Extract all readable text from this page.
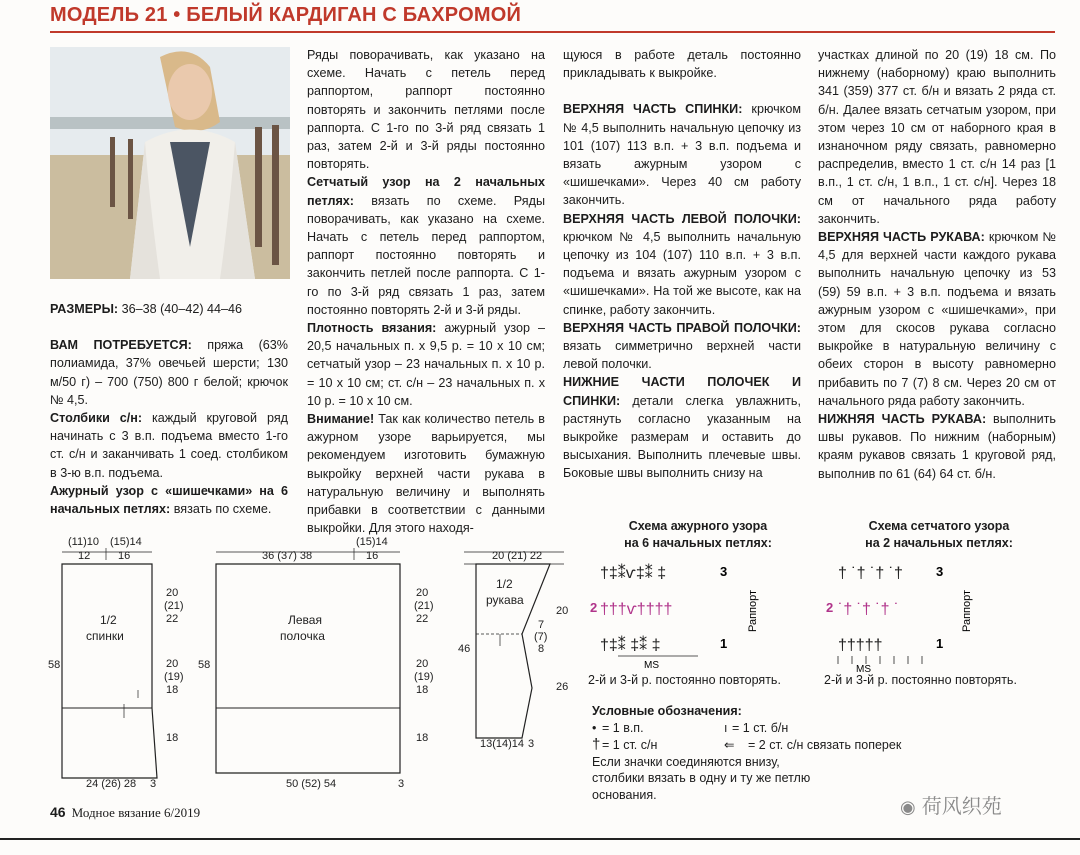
МОДЕЛЬ 21 • БЕЛЫЙ КАРДИГАН С БАХРОМОЙ

РАЗМЕРЫ: 36–38 (40–42) 44–46

ВАМ ПОТРЕБУЕТСЯ: пряжа (63% полиамида, 37% овечьей шерсти; 130 м/50 г) – 700 (750) 800 г белой; крючок № 4,5.

Столбики с/н: каждый круговой ряд начинать с 3 в.п. подъема вместо 1-го ст. с/н и заканчивать 1 соед. столбиком в 3-ю в.п. подъема.

Ажурный узор с «шишечками» на 6 начальных петлях: вязать по схеме.

Ряды поворачивать, как указано на схеме. Начать с петель перед раппортом, раппорт постоянно повторять и закончить петлями после раппорта. С 1-го по 3-й ряд связать 1 раз, затем 2-й и 3-й ряды постоянно повторять.

Сетчатый узор на 2 начальных петлях: вязать по схеме. Ряды поворачивать, как указано на схеме. Начать с петель перед раппортом, раппорт постоянно повторять и закончить петлей после раппорта. С 1-го по 3-й ряд связать 1 раз, затем постоянно повторять 2-й и 3-й ряды.

Плотность вязания: ажурный узор – 20,5 начальных п. х 9,5 р. = 10 х 10 см; сетчатый узор – 23 начальных п. х 10 р. = 10 х 10 см; ст. с/н – 23 начальных п. х 10 р. = 10 х 10 см.

Внимание! Так как количество петель в ажурном узоре варьируется, мы рекомендуем изготовить бумажную выкройку верхней части рукава в натуральную величину и выполнять прибавки в соответствии с данными выкройки. Для этого находя-

щуюся в работе деталь постоянно прикладывать к выкройке.

ВЕРХНЯЯ ЧАСТЬ СПИНКИ: крючком № 4,5 выполнить начальную цепочку из 101 (107) 113 в.п. + 3 в.п. подъема и вязать ажурным узором с «шишечками». Через 40 см работу закончить.

ВЕРХНЯЯ ЧАСТЬ ЛЕВОЙ ПОЛОЧКИ: крючком № 4,5 выполнить начальную цепочку из 104 (107) 110 в.п. + 3 в.п. подъема и вязать ажурным узором с «шишечками». На той же высоте, как на спинке, работу закончить.

ВЕРХНЯЯ ЧАСТЬ ПРАВОЙ ПОЛОЧКИ: вязать симметрично верхней части левой полочки.

НИЖНИЕ ЧАСТИ ПОЛОЧЕК И СПИНКИ: детали слегка увлажнить, растянуть согласно указанным на выкройке размерам и оставить до высыхания. Выполнить плечевые швы. Боковые швы выполнить снизу на

участках длиной по 20 (19) 18 см. По нижнему (наборному) краю выполнить 341 (359) 377 ст. б/н и вязать 2 ряда ст. б/н. Далее вязать сетчатым узором, при этом через 10 см от наборного края в изнаночном ряду связать, равномерно распределив, вместо 1 ст. с/н 14 раз [1 в.п., 1 ст. с/н, 1 в.п., 1 ст. с/н]. Через 18 см от начального ряда работу закончить.

ВЕРХНЯЯ ЧАСТЬ РУКАВА: крючком № 4,5 для верхней части каждого рукава выполнить начальную цепочку из 53 (59) 59 в.п. + 3 в.п. подъема и вязать ажурным узором с «шишечками», при этом для скосов рукава согласно выкройке в натуральную величину с обеих сторон в высоту равномерно прибавить по 7 (7) 8 см. Через 20 см от начального ряда работу закончить.

НИЖНЯЯ ЧАСТЬ РУКАВА: выполнить швы рукавов. По нижним (наборным) краям рукавов связать 1 круговой ряд, выполнив по 61 (64) 64 ст. б/н.

(11)10 (15)14
12	16
1/2
спинки
20
(21)
22
20
(19)
18
18
58
24 (26) 28 3
36 (37) 38
(15)14
16
Левая
полочка
20
(21)
22
20
(19)
18
18
58
50 (52) 54	3
20 (21) 22
1/2
рукава
20
7
(7)
8
26
46
13(14)14 3
Схема ажурного узора
на 6 начальных петлях:
†‡⁑ѵ‡⁑ ‡
†††ѵ††††
†‡⁑ ‡⁑ ‡
3
2
1
Раппорт
MS
2-й и 3-й р. постоянно повторять.
Схема сетчатого узора
на 2 начальных петлях:
† ˙† ˙† ˙†
˙† ˙† ˙† ˙
†††††
3
2
1
Раппорт
MS
2-й и 3-й р. постоянно повторять.
Условные обозначения:
• = 1 в.п.	ı = 1 ст. б/н
† = 1 ст. с/н	⇐ = 2 ст. с/н связать поперек
Если значки соединяются внизу, столбики вязать в одну и ту же петлю основания.
46 Модное вязание 6/2019	◉ 荷风织苑
